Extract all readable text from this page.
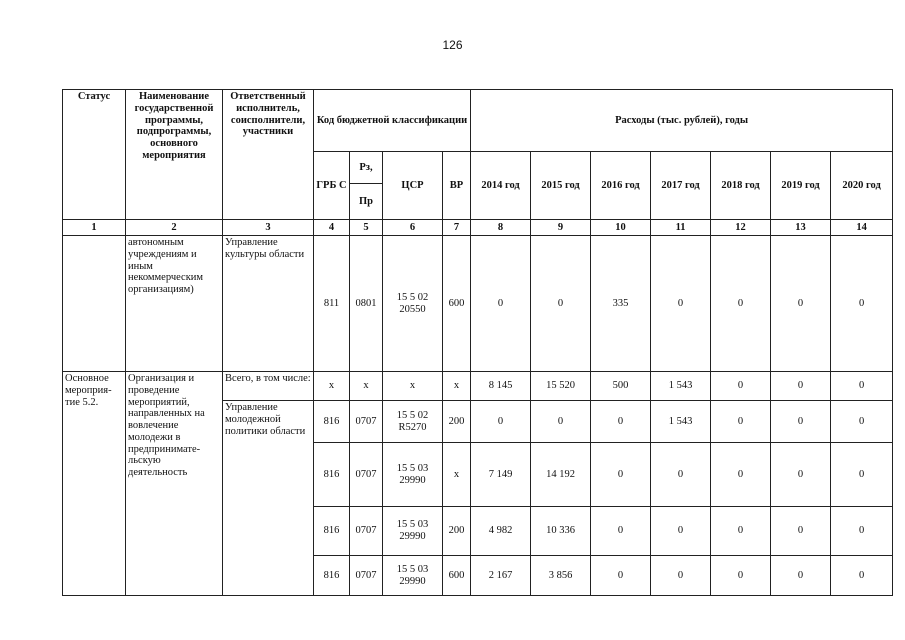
126
Статус	Наименование государственной программы, подпрограммы, основного мероприятия	Ответственный исполнитель, соисполнители, участники	Код бюджетной классификации				Расходы (тыс. рублей), годы						
			ГРБ С	Рз,	ЦСР	ВР	2014 год	2015 год	2016 год	2017 год	2018 год	2019 год	2020 год
				Пр									
1	2	3	4	5	6	7	8	9	10	11	12	13	14
	автономным учреждениям и иным некоммерческим организациям)	Управление культуры области	811	0801	15 5 02 20550	600	0	0	335	0	0	0	0
Основное мероприя-тие 5.2.	Организация и проведение мероприятий, направленных на вовлечение молодежи в предпринимате-льскую деятельность	Всего, в том числе:	х	х	х	х	8 145	15 520	500	1 543	0	0	0
		Управление молодежной политики области	816	0707	15 5 02 R5270	200	0	0	0	1 543	0	0	0
			816	0707	15 5 03 29990	х	7 149	14 192	0	0	0	0	0
			816	0707	15 5 03 29990	200	4 982	10 336	0	0	0	0	0
			816	0707	15 5 03 29990	600	2 167	3 856	0	0	0	0	0
